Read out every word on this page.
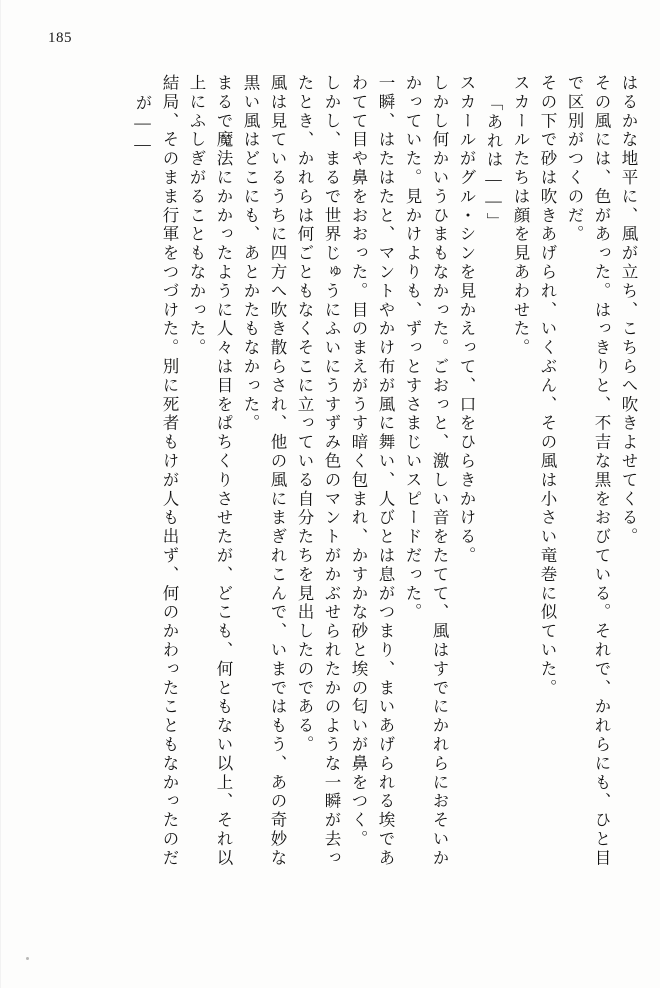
185
はるかな地平に、風が立ち、こちらへ吹きよせてくる。
その風には、色があった。はっきりと、不吉な黒をおびている。それで、かれらにも、ひと目
で区別がつくのだ。
その下で砂は吹きあげられ、いくぶん、その風は小さい竜巻に似ていた。
スカールたちは顔を見あわせた。
「あれは——」
スカールがグル・シンを見かえって、口をひらきかける。
しかし何かいうひまもなかった。ごおっと、激しい音をたてて、風はすでにかれらにおそいか
かっていた。見かけよりも、ずっとすさまじいスピードだった。
一瞬、はたはたと、マントやかけ布が風に舞い、人びとは息がつまり、まいあげられる埃であ
わてて目や鼻をおおった。目のまえがうす暗く包まれ、かすかな砂と埃の匂いが鼻をつく。
しかし、まるで世界じゅうにふいにうすずみ色のマントがかぶせられたかのような一瞬が去っ
たとき、かれらは何ごともなくそこに立っている自分たちを見出したのである。
風は見ているうちに四方へ吹き散らされ、他の風にまぎれこんで、いまではもう、あの奇妙な
黒い風はどこにも、あとかたもなかった。
まるで魔法にかかったように人々は目をぱちくりさせたが、どこも、何ともない以上、それ以
上にふしぎがることもなかった。
結局、そのまま行軍をつづけた。別に死者もけが人も出ず、何のかわったこともなかったのだ
が——
